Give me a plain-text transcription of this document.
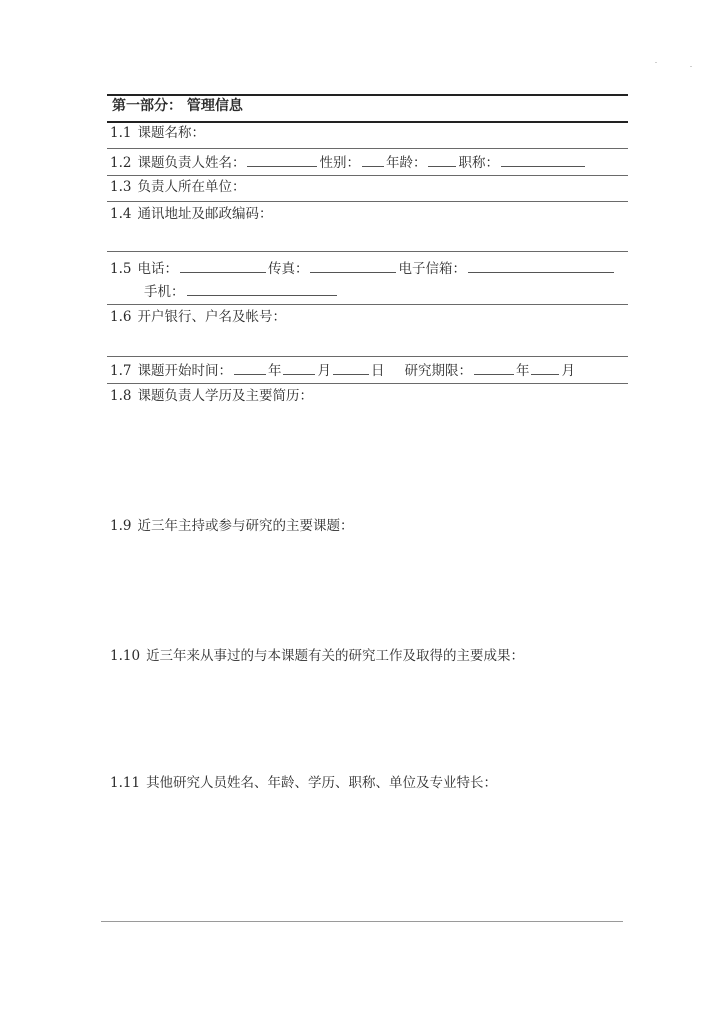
第一部分： 管理信息
1.1 课题名称：
1.2 课题负责人姓名：	性别： 年龄： 职称：
1.3 负责人所在单位：
1.4 通讯地址及邮政编码：
1.5 电话：	传真：	电子信箱：
手机：
1.6 开户银行、户名及帐号：
1.7 课题开始时间：	年	月	日 研究期限：	年 月
1.8 课题负责人学历及主要简历：
1.9 近三年主持或参与研究的主要课题：
1.10 近三年来从事过的与本课题有关的研究工作及取得的主要成果：
1.11 其他研究人员姓名、年龄、学历、职称、单位及专业特长：
